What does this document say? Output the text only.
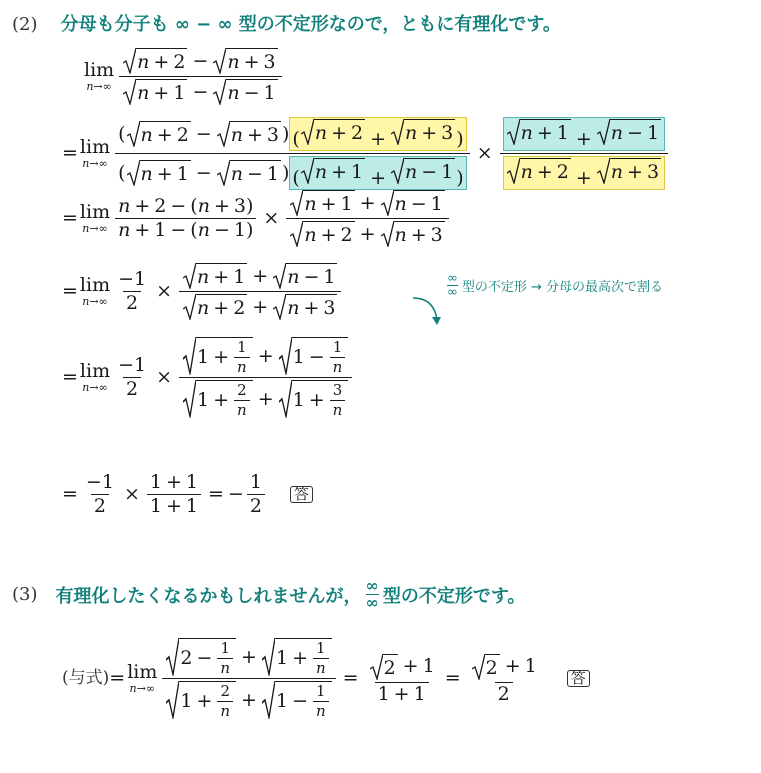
(2) 分母も分子も ∞ − ∞ 型の不定形なので，ともに有理化です。
lim
$n\to\infty \frac{n + 2 - n + 3}{n + 1 - n - 1}$
= lim
$n\to\infty \frac{( n + 2 - n + 3 ) ( n + 2 + n + 3 )}{( n + 1 - n - 1 ) ( n + 1 + n - 1 )} \times \frac{n + 1 + n - 1}{n + 2 + n + 3}$
= lim
$n\to\infty \frac{n + 2 - ( n + 3)}{n + 1 - ( n - 1)} \times \frac{n + 1 + n - 1}{n + 2 + n + 3}$
= lim
$n\to\infty \frac{-1}{2} \times \frac{n + 1 + n - 1}{n + 2 + n + 3}$	∞
∞ 型の不定形 → 分母の最高次で割る
= lim
$n\to\infty \frac{-1}{2} \times \frac{1 + \frac{1}{n} + 1 - \frac{1}{n}}{1 + \frac{2}{n} + 1 + \frac{3}{n}}$
= $\frac{-1}{2} \times \frac{1 + 1}{1 + 1}$ = − $\frac{1}{2}$ 答
(3) 有理化したくなるかもしれませんが， ∞
∞ 型の不定形です。
(与式) = lim
$n\to\infty \frac{2 - \frac{1}{n} + 1 + \frac{1}{n}}{1 + \frac{2}{n} + 1 - \frac{1}{n}} = \frac{2 + 1}{1 + 1} = \frac{2 + 1}{2}$ 答
